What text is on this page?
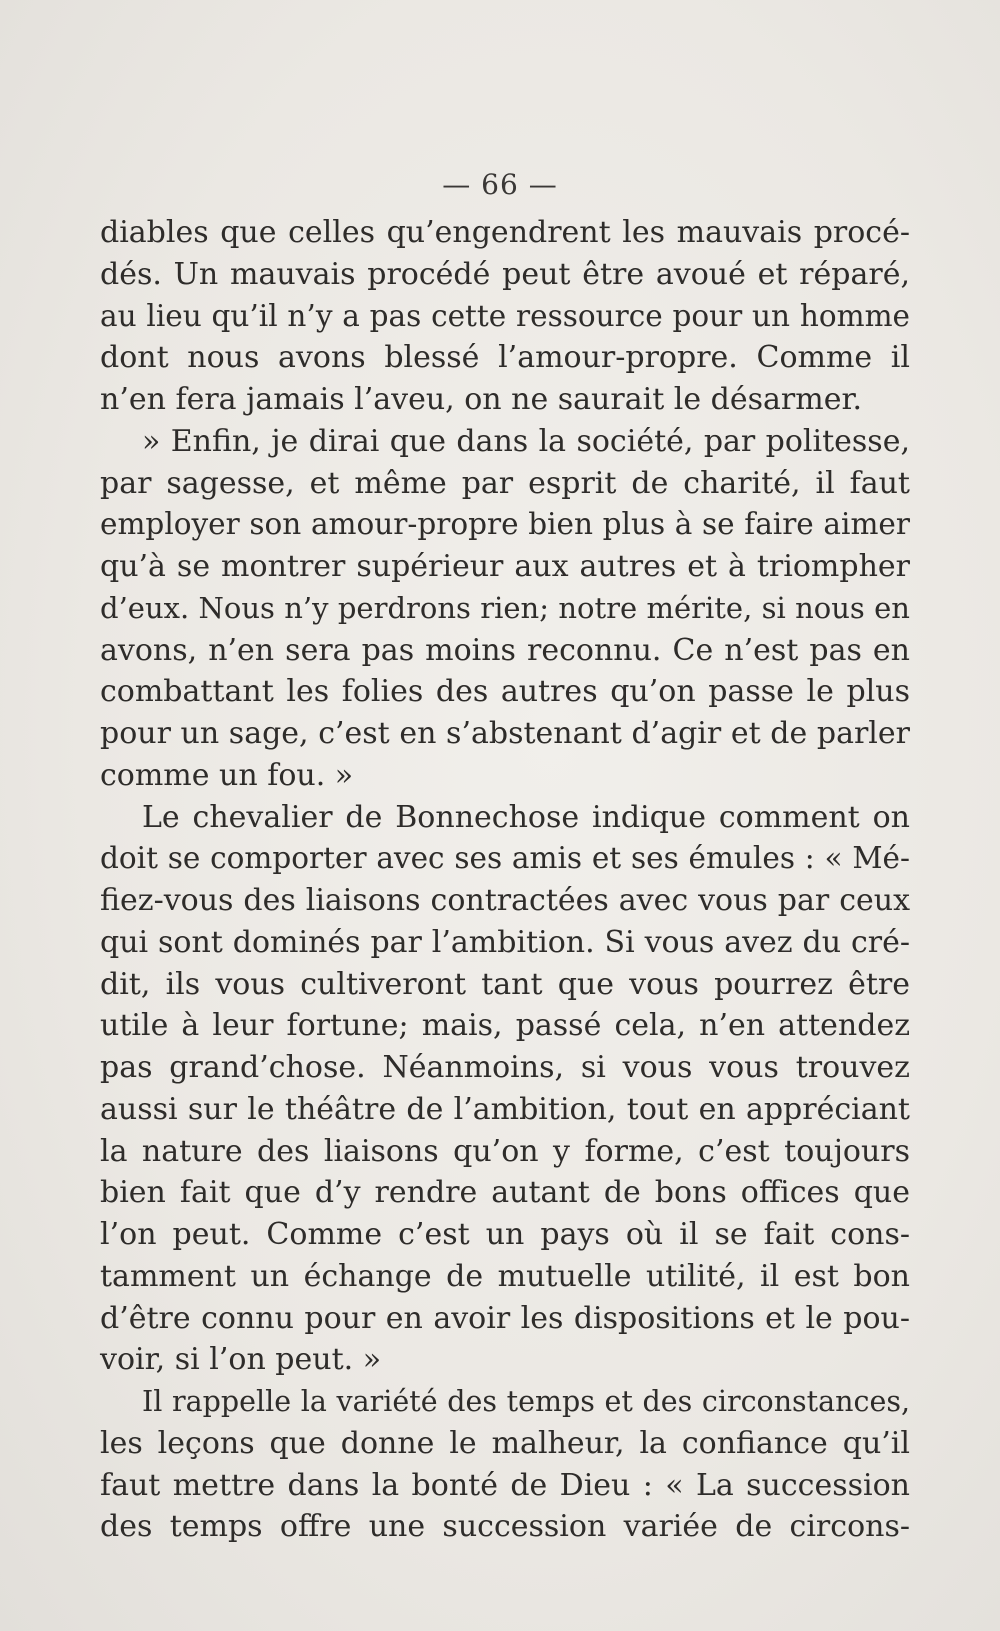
— 66 —
diables que celles qu’engendrent les mauvais procé-
dés. Un mauvais procédé peut être avoué et réparé,
au lieu qu’il n’y a pas cette ressource pour un homme
dont nous avons blessé l’amour-propre. Comme il
n’en fera jamais l’aveu, on ne saurait le désarmer.
» Enfin, je dirai que dans la société, par politesse,
par sagesse, et même par esprit de charité, il faut
employer son amour-propre bien plus à se faire aimer
qu’à se montrer supérieur aux autres et à triompher
d’eux. Nous n’y perdrons rien; notre mérite, si nous en
avons, n’en sera pas moins reconnu. Ce n’est pas en
combattant les folies des autres qu’on passe le plus
pour un sage, c’est en s’abstenant d’agir et de parler
comme un fou. »
Le chevalier de Bonnechose indique comment on
doit se comporter avec ses amis et ses émules : « Mé-
fiez-vous des liaisons contractées avec vous par ceux
qui sont dominés par l’ambition. Si vous avez du cré-
dit, ils vous cultiveront tant que vous pourrez être
utile à leur fortune; mais, passé cela, n’en attendez
pas grand’chose. Néanmoins, si vous vous trouvez
aussi sur le théâtre de l’ambition, tout en appréciant
la nature des liaisons qu’on y forme, c’est toujours
bien fait que d’y rendre autant de bons offices que
l’on peut. Comme c’est un pays où il se fait cons-
tamment un échange de mutuelle utilité, il est bon
d’être connu pour en avoir les dispositions et le pou-
voir, si l’on peut. »
Il rappelle la variété des temps et des circonstances,
les leçons que donne le malheur, la confiance qu’il
faut mettre dans la bonté de Dieu : « La succession
des temps offre une succession variée de circons-
